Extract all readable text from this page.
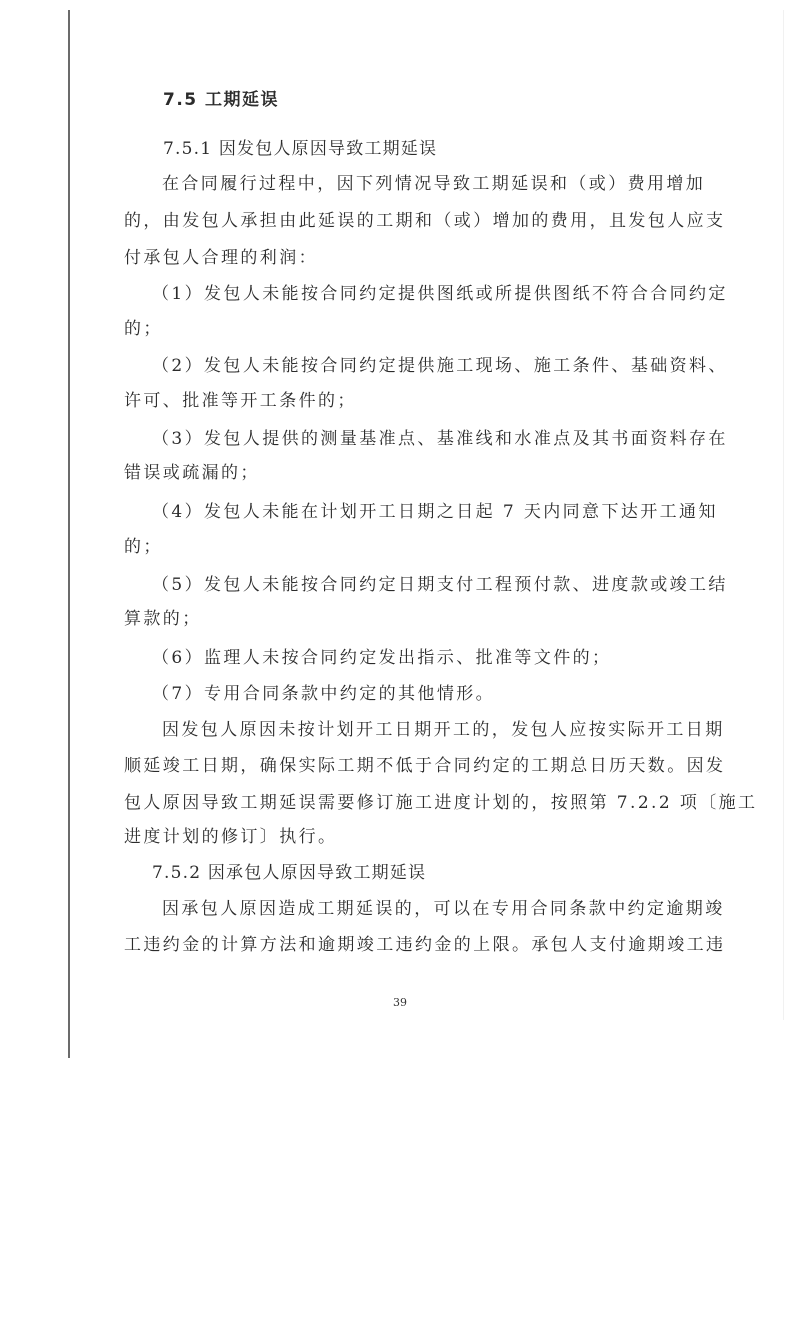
7.5 工期延误
7.5.1 因发包人原因导致工期延误
在合同履行过程中，因下列情况导致工期延误和（或）费用增加
的，由发包人承担由此延误的工期和（或）增加的费用，且发包人应支
付承包人合理的利润：
（1）发包人未能按合同约定提供图纸或所提供图纸不符合合同约定
的；
（2）发包人未能按合同约定提供施工现场、施工条件、基础资料、
许可、批准等开工条件的；
（3）发包人提供的测量基准点、基准线和水准点及其书面资料存在
错误或疏漏的；
（4）发包人未能在计划开工日期之日起 7 天内同意下达开工通知
的；
（5）发包人未能按合同约定日期支付工程预付款、进度款或竣工结
算款的；
（6）监理人未按合同约定发出指示、批准等文件的；
（7）专用合同条款中约定的其他情形。
因发包人原因未按计划开工日期开工的，发包人应按实际开工日期
顺延竣工日期，确保实际工期不低于合同约定的工期总日历天数。因发
包人原因导致工期延误需要修订施工进度计划的，按照第 7.2.2 项〔施工
进度计划的修订〕执行。
7.5.2 因承包人原因导致工期延误
因承包人原因造成工期延误的，可以在专用合同条款中约定逾期竣
工违约金的计算方法和逾期竣工违约金的上限。承包人支付逾期竣工违
39
